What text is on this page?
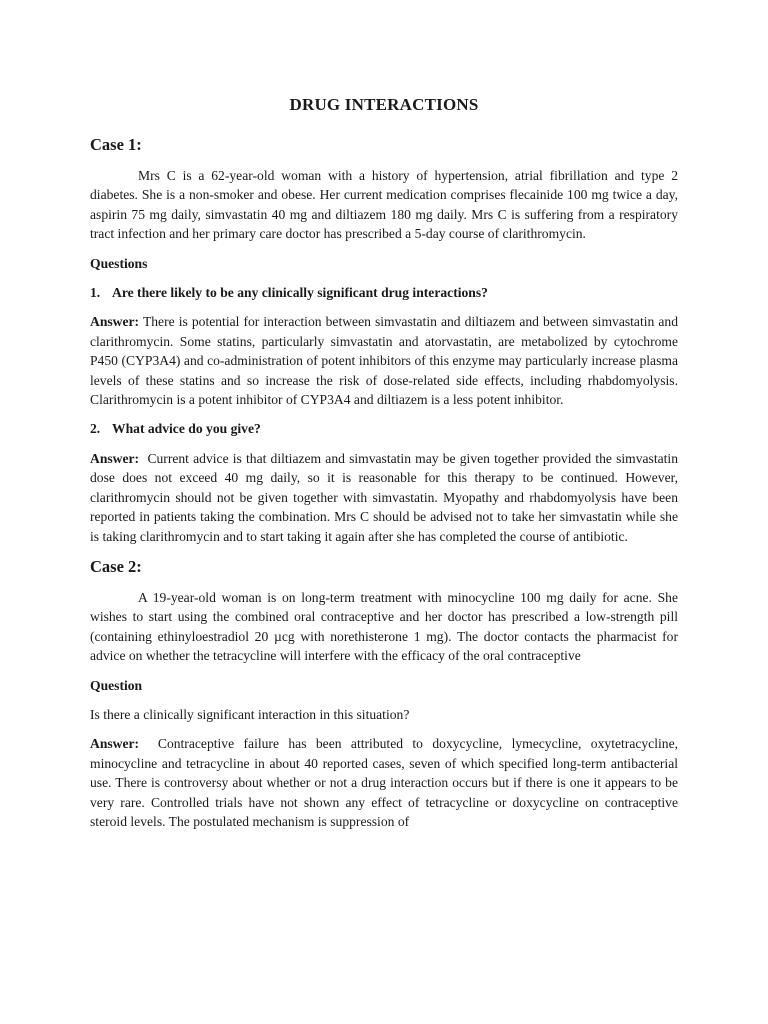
DRUG INTERACTIONS
Case 1:

Mrs C is a 62-year-old woman with a history of hypertension, atrial fibrillation and type 2 diabetes. She is a non-smoker and obese. Her current medication comprises flecainide 100 mg twice a day, aspirin 75 mg daily, simvastatin 40 mg and diltiazem 180 mg daily. Mrs C is suffering from a respiratory tract infection and her primary care doctor has prescribed a 5-day course of clarithromycin.

Questions
1. Are there likely to be any clinically significant drug interactions?

Answer: There is potential for interaction between simvastatin and diltiazem and between simvastatin and clarithromycin. Some statins, particularly simvastatin and atorvastatin, are metabolized by cytochrome P450 (CYP3A4) and co-administration of potent inhibitors of this enzyme may particularly increase plasma levels of these statins and so increase the risk of dose-related side effects, including rhabdomyolysis. Clarithromycin is a potent inhibitor of CYP3A4 and diltiazem is a less potent inhibitor.

2. What advice do you give?

Answer: Current advice is that diltiazem and simvastatin may be given together provided the simvastatin dose does not exceed 40 mg daily, so it is reasonable for this therapy to be continued. However, clarithromycin should not be given together with simvastatin. Myopathy and rhabdomyolysis have been reported in patients taking the combination. Mrs C should be advised not to take her simvastatin while she is taking clarithromycin and to start taking it again after she has completed the course of antibiotic.

Case 2:

A 19-year-old woman is on long-term treatment with minocycline 100 mg daily for acne. She wishes to start using the combined oral contraceptive and her doctor has prescribed a low-strength pill (containing ethinyloestradiol 20 µcg with norethisterone 1 mg). The doctor contacts the pharmacist for advice on whether the tetracycline will interfere with the efficacy of the oral contraceptive

Question

Is there a clinically significant interaction in this situation?

Answer: Contraceptive failure has been attributed to doxycycline, lymecycline, oxytetracycline, minocycline and tetracycline in about 40 reported cases, seven of which specified long-term antibacterial use. There is controversy about whether or not a drug interaction occurs but if there is one it appears to be very rare. Controlled trials have not shown any effect of tetracycline or doxycycline on contraceptive steroid levels. The postulated mechanism is suppression of
